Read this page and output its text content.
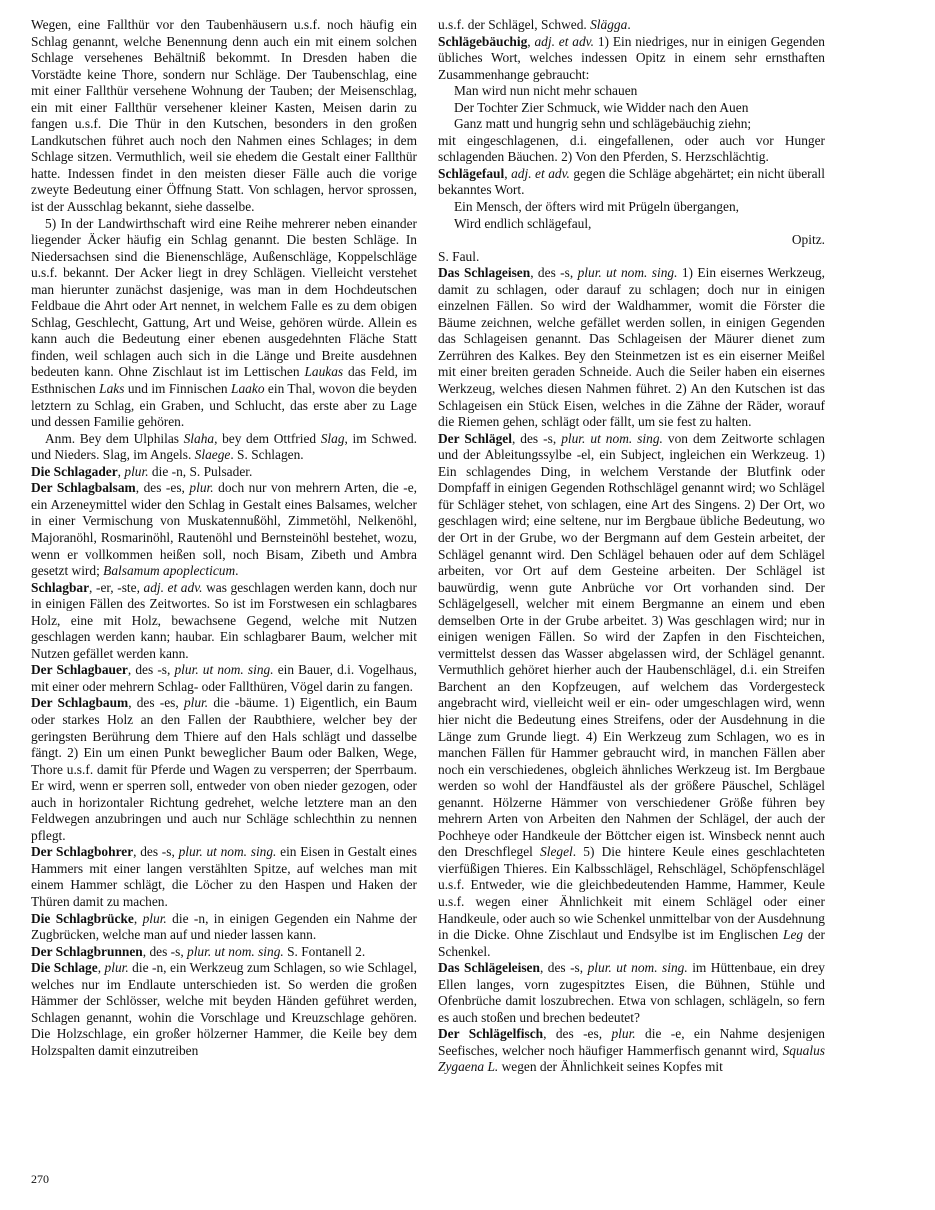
Wegen, eine Fallthür vor den Taubenhäusern u.s.f. noch häufig ein Schlag genannt, welche Benennung denn auch ein mit einem solchen Schlage versehenes Behältniß bekommt. In Dresden haben die Vorstädte keine Thore, sondern nur Schläge. Der Taubenschlag, eine mit einer Fallthür versehene Wohnung der Tauben; der Meisenschlag, ein mit einer Fallthür versehener kleiner Kasten, Meisen darin zu fangen u.s.f. Die Thür in den Kutschen, besonders in den großen Landkutschen führet auch noch den Nahmen eines Schlages; in dem Schlage sitzen. Vermuthlich, weil sie ehedem die Gestalt einer Fallthür hatte. Indessen findet in den meisten dieser Fälle auch die vorige zweyte Bedeutung einer Öffnung Statt. Von schlagen, hervor sprossen, ist der Ausschlag bekannt, siehe dasselbe.

5) In der Landwirthschaft wird eine Reihe mehrerer neben einander liegender Äcker häufig ein Schlag genannt. Die besten Schläge. In Niedersachsen sind die Bienenschläge, Außenschläge, Koppelschläge u.s.f. bekannt. Der Acker liegt in drey Schlägen. Vielleicht verstehet man hierunter zunächst dasjenige, was man in dem Hochdeutschen Feldbaue die Ahrt oder Art nennet, in welchem Falle es zu dem obigen Schlag, Geschlecht, Gattung, Art und Weise, gehören würde. Allein es kann auch die Bedeutung einer ebenen ausgedehnten Fläche Statt finden, weil schlagen auch sich in die Länge und Breite ausdehnen bedeuten kann. Ohne Zischlaut ist im Lettischen Laukas das Feld, im Esthnischen Laks und im Finnischen Laako ein Thal, wovon die beyden letztern zu Schlag, ein Graben, und Schlucht, das erste aber zu Lage und dessen Familie gehören.

Anm. Bey dem Ulphilas Slaha, bey dem Ottfried Slag, im Schwed. und Nieders. Slag, im Angels. Slaege. S. Schlagen.

Die Schlagader, plur. die -n, S. Pulsader.

Der Schlagbalsam, des -es, plur. doch nur von mehrern Arten, die -e, ein Arzeneymittel wider den Schlag in Gestalt eines Balsames, welcher in einer Vermischung von Muskatennußöhl, Zimmetöhl, Nelkenöhl, Majoranöhl, Rosmarinöhl, Rautenöhl und Bernsteinöhl bestehet, wozu, wenn er vollkommen heißen soll, noch Bisam, Zibeth und Ambra gesetzt wird; Balsamum apoplecticum.

Schlagbar, -er, -ste, adj. et adv. was geschlagen werden kann, doch nur in einigen Fällen des Zeitwortes. So ist im Forstwesen ein schlagbares Holz, eine mit Holz, bewachsene Gegend, welche mit Nutzen geschlagen werden kann; haubar. Ein schlagbarer Baum, welcher mit Nutzen gefället werden kann.

Der Schlagbauer, des -s, plur. ut nom. sing. ein Bauer, d.i. Vogelhaus, mit einer oder mehrern Schlag- oder Fallthüren, Vögel darin zu fangen.

Der Schlagbaum, des -es, plur. die -bäume. 1) Eigentlich, ein Baum oder starkes Holz an den Fallen der Raubthiere, welcher bey der geringsten Berührung dem Thiere auf den Hals schlägt und dasselbe fängt. 2) Ein um einen Punkt beweglicher Baum oder Balken, Wege, Thore u.s.f. damit für Pferde und Wagen zu versperren; der Sperrbaum. Er wird, wenn er sperren soll, entweder von oben nieder gezogen, oder auch in horizontaler Richtung gedrehet, welche letztere man an den Feldwegen anzubringen und auch nur Schläge schlechthin zu nennen pflegt.

Der Schlagbohrer, des -s, plur. ut nom. sing. ein Eisen in Gestalt eines Hammers mit einer langen verstählten Spitze, auf welches man mit einem Hammer schlägt, die Löcher zu den Haspen und Haken der Thüren damit zu machen.

Die Schlagbrücke, plur. die -n, in einigen Gegenden ein Nahme der Zugbrücken, welche man auf und nieder lassen kann.

Der Schlagbrunnen, des -s, plur. ut nom. sing. S. Fontanell 2.

Die Schlage, plur. die -n, ein Werkzeug zum Schlagen, so wie Schlagel, welches nur im Endlaute unterschieden ist. So werden die großen Hämmer der Schlösser, welche mit beyden Händen geführet werden, Schlagen genannt, wohin die Vorschlage und Kreuzschlage gehören. Die Holzschlage, ein großer hölzerner Hammer, die Keile bey dem Holzspalten damit einzutreiben

u.s.f. der Schlägel, Schwed. Slägga.

Schlägebäuchig, adj. et adv. 1) Ein niedriges, nur in einigen Gegenden übliches Wort, welches indessen Opitz in einem sehr ernsthaften Zusammenhange gebraucht:

Man wird nun nicht mehr schauen

Der Tochter Zier Schmuck, wie Widder nach den Auen

Ganz matt und hungrig sehn und schlägebäuchig ziehn;

mit eingeschlagenen, d.i. eingefallenen, oder auch vor Hunger schlagenden Bäuchen. 2) Von den Pferden, S. Herzschlächtig.

Schlägefaul, adj. et adv. gegen die Schläge abgehärtet; ein nicht überall bekanntes Wort.

Ein Mensch, der öfters wird mit Prügeln übergangen,

Wird endlich schlägefaul,

Opitz.

S. Faul.

Das Schlageisen, des -s, plur. ut nom. sing. 1) Ein eisernes Werkzeug, damit zu schlagen, oder darauf zu schlagen; doch nur in einigen einzelnen Fällen. So wird der Waldhammer, womit die Förster die Bäume zeichnen, welche gefället werden sollen, in einigen Gegenden das Schlageisen genannt. Das Schlageisen der Mäurer dienet zum Zerrühren des Kalkes. Bey den Steinmetzen ist es ein eiserner Meißel mit einer breiten geraden Schneide. Auch die Seiler haben ein eisernes Werkzeug, welches diesen Nahmen führet. 2) An den Kutschen ist das Schlageisen ein Stück Eisen, welches in die Zähne der Räder, worauf die Riemen gehen, schlägt oder fällt, um sie fest zu halten.

Der Schlägel, des -s, plur. ut nom. sing. von dem Zeitworte schlagen und der Ableitungssylbe -el, ein Subject, ingleichen ein Werkzeug. 1) Ein schlagendes Ding, in welchem Verstande der Blutfink oder Dompfaff in einigen Gegenden Rothschlägel genannt wird; wo Schlägel für Schläger stehet, von schlagen, eine Art des Singens. 2) Der Ort, wo geschlagen wird; eine seltene, nur im Bergbaue übliche Bedeutung, wo der Ort in der Grube, wo der Bergmann auf dem Gestein arbeitet, der Schlägel genannt wird. Den Schlägel behauen oder auf dem Schlägel arbeiten, vor Ort auf dem Gesteine arbeiten. Der Schlägel ist bauwürdig, wenn gute Anbrüche vor Ort vorhanden sind. Der Schlägelgesell, welcher mit einem Bergmanne an einem und eben demselben Orte in der Grube arbeitet. 3) Was geschlagen wird; nur in einigen wenigen Fällen. So wird der Zapfen in den Fischteichen, vermittelst dessen das Wasser abgelassen wird, der Schlägel genannt. Vermuthlich gehöret hierher auch der Haubenschlägel, d.i. ein Streifen Barchent an den Kopfzeugen, auf welchem das Vordergesteck angebracht wird, vielleicht weil er ein- oder umgeschlagen wird, wenn hier nicht die Bedeutung eines Streifens, oder der Ausdehnung in die Länge zum Grunde liegt. 4) Ein Werkzeug zum Schlagen, wo es in manchen Fällen für Hammer gebraucht wird, in manchen Fällen aber noch ein verschiedenes, obgleich ähnliches Werkzeug ist. Im Bergbaue werden so wohl der Handfäustel als der größere Päuschel, Schlägel genannt. Hölzerne Hämmer von verschiedener Größe führen bey mehrern Arten von Arbeiten den Nahmen der Schlägel, der auch der Pochheye oder Handkeule der Böttcher eigen ist. Winsbeck nennt auch den Dreschflegel Slegel. 5) Die hintere Keule eines geschlachteten vierfüßigen Thieres. Ein Kalbsschlägel, Rehschlägel, Schöpfenschlägel u.s.f. Entweder, wie die gleichbedeutenden Hamme, Hammer, Keule u.s.f. wegen einer Ähnlichkeit mit einem Schlägel oder einer Handkeule, oder auch so wie Schenkel unmittelbar von der Ausdehnung in die Dicke. Ohne Zischlaut und Endsylbe ist im Englischen Leg der Schenkel.

Das Schlägeleisen, des -s, plur. ut nom. sing. im Hüttenbaue, ein drey Ellen langes, vorn zugespitztes Eisen, die Bühnen, Stühle und Ofenbrüche damit loszubrechen. Etwa von schlagen, schlägeln, so fern es auch stoßen und brechen bedeutet?

Der Schlägelfisch, des -es, plur. die -e, ein Nahme desjenigen Seefisches, welcher noch häufiger Hammerfisch genannt wird, Squalus Zygaena L. wegen der Ähnlichkeit seines Kopfes mit

270
